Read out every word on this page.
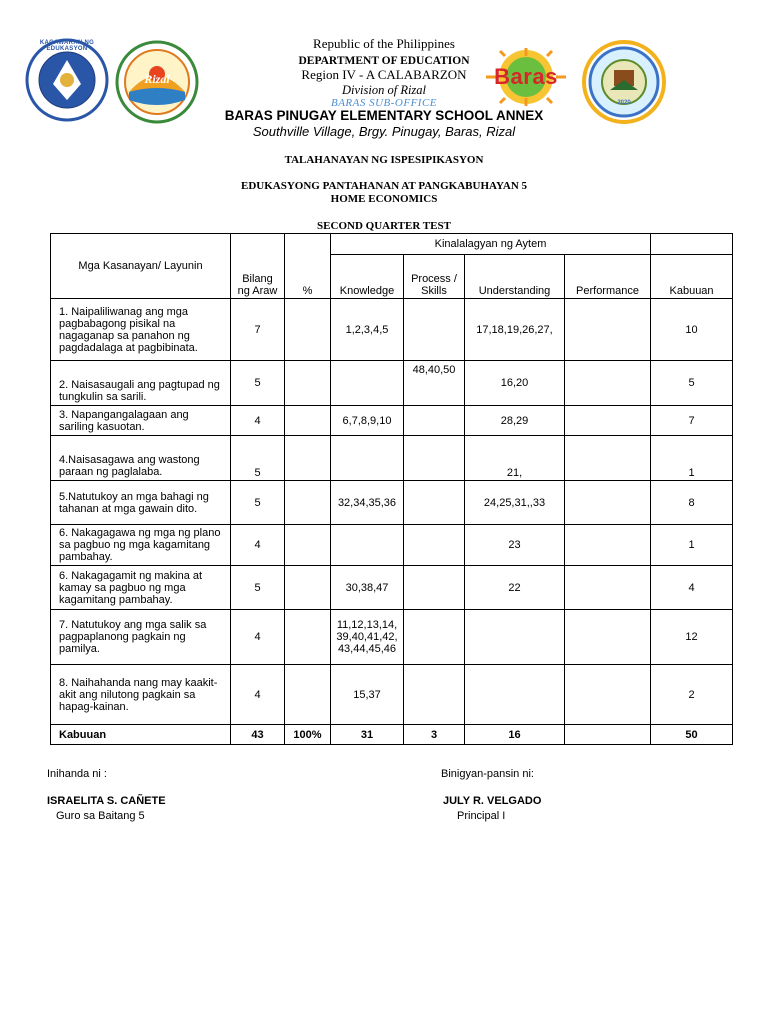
KAGAWARAN NG EDUKASYON
Rizal	Baras
2020
Republic of the Philippines
DEPARTMENT OF EDUCATION
Region IV - A CALABARZON
Division of Rizal
BARAS SUB-OFFICE
BARAS PINUGAY ELEMENTARY SCHOOL ANNEX
Southville Village, Brgy. Pinugay, Baras, Rizal
TALAHANAYAN NG ISPESIPIKASYON
EDUKASYONG PANTAHANAN AT PANGKABUHAYAN 5
HOME ECONOMICS
SECOND QUARTER TEST
Mga Kasanayan/ Layunin	Bilang ng Araw	%	Kinalalagyan ng Aytem				
			Knowledge	Process / Skills	Understanding	Performance	Kabuuan
1. Naipaliliwanag ang mga pagbabagong pisikal na nagaganap sa panahon ng pagdadalaga at pagbibinata.	7		1,2,3,4,5		17,18,19,26,27,		10
2. Naisasaugali ang pagtupad ng tungkulin sa sarili.	5			48,40,50	16,20		5
3. Napangangalagaan ang sariling kasuotan.	4		6,7,8,9,10		28,29		7
4.Naisasagawa ang wastong paraan ng paglalaba.	5				21,		1
5.Natutukoy an mga bahagi ng tahanan at mga gawain dito.	5		32,34,35,36		24,25,31,,33		8
6. Nakagagawa ng mga ng plano sa pagbuo ng mga kagamitang pambahay.	4				23		1
6. Nakagagamit ng makina at kamay sa pagbuo ng mga kagamitang pambahay.	5		30,38,47		22		4
7. Natutukoy ang mga salik sa pagpaplanong pagkain ng pamilya.	4		11,12,13,14,39,40,41,42,43,44,45,46				12
8. Naihahanda nang may kaakit-akit ang nilutong pagkain sa hapag-kainan.	4		15,37				2
Kabuuan	43	100%	31	3	16		50
Inihanda ni :
ISRAELITA S. CAÑETE
Guro sa Baitang 5
Binigyan-pansin ni:
JULY R. VELGADO
Principal I
